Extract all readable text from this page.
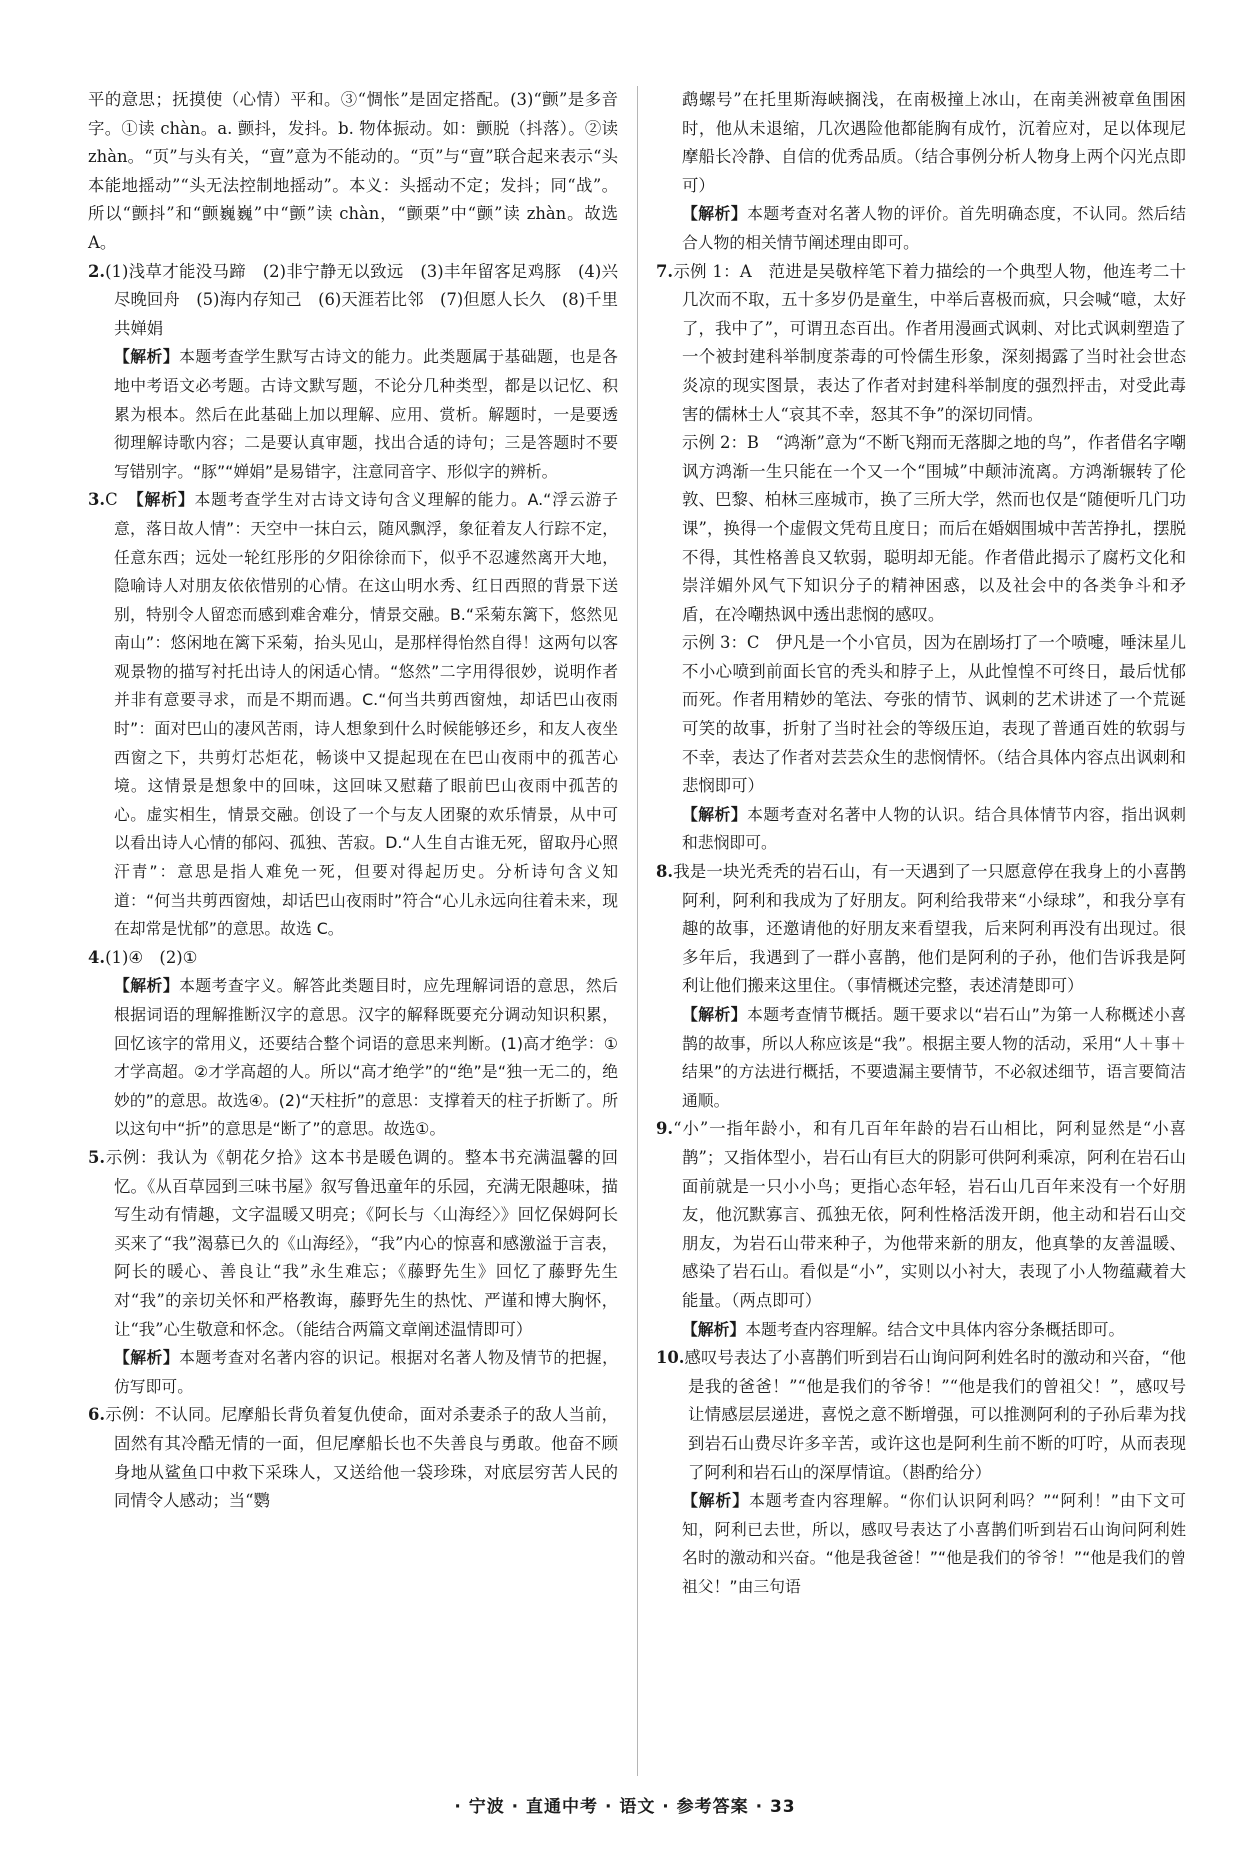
平的意思；抚摸使（心情）平和。③“惆怅”是固定搭配。(3)“颤”是多音字。①读 chàn。a. 颤抖，发抖。b. 物体振动。如：颤脱（抖落）。②读 zhàn。“页”与头有关，“亶”意为不能动的。“页”与“亶”联合起来表示“头本能地摇动”“头无法控制地摇动”。本义：头摇动不定；发抖；同“战”。所以“颤抖”和“颤巍巍”中“颤”读 chàn，“颤栗”中“颤”读 zhàn。故选 A。

2.(1)浅草才能没马蹄　(2)非宁静无以致远　(3)丰年留客足鸡豚　(4)兴尽晚回舟　(5)海内存知己　(6)天涯若比邻　(7)但愿人长久　(8)千里共婵娟

【解析】本题考查学生默写古诗文的能力。此类题属于基础题，也是各地中考语文必考题。古诗文默写题，不论分几种类型，都是以记忆、积累为根本。然后在此基础上加以理解、应用、赏析。解题时，一是要透彻理解诗歌内容；二是要认真审题，找出合适的诗句；三是答题时不要写错别字。“豚”“婵娟”是易错字，注意同音字、形似字的辨析。

3.C　【解析】本题考查学生对古诗文诗句含义理解的能力。A.“浮云游子意，落日故人情”：天空中一抹白云，随风飘浮，象征着友人行踪不定，任意东西；远处一轮红彤彤的夕阳徐徐而下，似乎不忍遽然离开大地，隐喻诗人对朋友依依惜别的心情。在这山明水秀、红日西照的背景下送别，特别令人留恋而感到难舍难分，情景交融。B.“采菊东篱下，悠然见南山”：悠闲地在篱下采菊，抬头见山，是那样得怡然自得！这两句以客观景物的描写衬托出诗人的闲适心情。“悠然”二字用得很妙，说明作者并非有意要寻求，而是不期而遇。C.“何当共剪西窗烛，却话巴山夜雨时”：面对巴山的凄风苦雨，诗人想象到什么时候能够还乡，和友人夜坐西窗之下，共剪灯芯炬花，畅谈中又提起现在在巴山夜雨中的孤苦心境。这情景是想象中的回味，这回味又慰藉了眼前巴山夜雨中孤苦的心。虚实相生，情景交融。创设了一个与友人团聚的欢乐情景，从中可以看出诗人心情的郁闷、孤独、苦寂。D.“人生自古谁无死，留取丹心照汗青”：意思是指人难免一死，但要对得起历史。分析诗句含义知道：“何当共剪西窗烛，却话巴山夜雨时”符合“心儿永远向往着未来，现在却常是忧郁”的意思。故选 C。

4.(1)④　(2)①

【解析】本题考查字义。解答此类题目时，应先理解词语的意思，然后根据词语的理解推断汉字的意思。汉字的解释既要充分调动知识积累，回忆该字的常用义，还要结合整个词语的意思来判断。(1)高才绝学：①才学高超。②才学高超的人。所以“高才绝学”的“绝”是“独一无二的，绝妙的”的意思。故选④。(2)“天柱折”的意思：支撑着天的柱子折断了。所以这句中“折”的意思是“断了”的意思。故选①。

5.示例：我认为《朝花夕拾》这本书是暖色调的。整本书充满温馨的回忆。《从百草园到三味书屋》叙写鲁迅童年的乐园，充满无限趣味，描写生动有情趣，文字温暖又明亮；《阿长与〈山海经〉》回忆保姆阿长买来了“我”渴慕已久的《山海经》，“我”内心的惊喜和感激溢于言表，阿长的暖心、善良让“我”永生难忘；《藤野先生》回忆了藤野先生对“我”的亲切关怀和严格教诲，藤野先生的热忱、严谨和博大胸怀，让“我”心生敬意和怀念。（能结合两篇文章阐述温情即可）

【解析】本题考查对名著内容的识记。根据对名著人物及情节的把握，仿写即可。

6.示例：不认同。尼摩船长背负着复仇使命，面对杀妻杀子的敌人当前，固然有其冷酷无情的一面，但尼摩船长也不失善良与勇敢。他奋不顾身地从鲨鱼口中救下采珠人，又送给他一袋珍珠，对底层穷苦人民的同情令人感动；当“鹦

鹉螺号”在托里斯海峡搁浅，在南极撞上冰山，在南美洲被章鱼围困时，他从未退缩，几次遇险他都能胸有成竹，沉着应对，足以体现尼摩船长冷静、自信的优秀品质。（结合事例分析人物身上两个闪光点即可）

【解析】本题考查对名著人物的评价。首先明确态度，不认同。然后结合人物的相关情节阐述理由即可。

7.示例 1：A　范进是吴敬梓笔下着力描绘的一个典型人物，他连考二十几次而不取，五十多岁仍是童生，中举后喜极而疯，只会喊“噫，太好了，我中了”，可谓丑态百出。作者用漫画式讽刺、对比式讽刺塑造了一个被封建科举制度荼毒的可怜儒生形象，深刻揭露了当时社会世态炎凉的现实图景，表达了作者对封建科举制度的强烈抨击，对受此毒害的儒林士人“哀其不幸，怒其不争”的深切同情。

示例 2：B　“鸿渐”意为“不断飞翔而无落脚之地的鸟”，作者借名字嘲讽方鸿渐一生只能在一个又一个“围城”中颠沛流离。方鸿渐辗转了伦敦、巴黎、柏林三座城市，换了三所大学，然而也仅是“随便听几门功课”，换得一个虚假文凭苟且度日；而后在婚姻围城中苦苦挣扎，摆脱不得，其性格善良又软弱，聪明却无能。作者借此揭示了腐朽文化和崇洋媚外风气下知识分子的精神困惑，以及社会中的各类争斗和矛盾，在冷嘲热讽中透出悲悯的感叹。

示例 3：C　伊凡是一个小官员，因为在剧场打了一个喷嚏，唾沫星儿不小心喷到前面长官的秃头和脖子上，从此惶惶不可终日，最后忧郁而死。作者用精妙的笔法、夸张的情节、讽刺的艺术讲述了一个荒诞可笑的故事，折射了当时社会的等级压迫，表现了普通百姓的软弱与不幸，表达了作者对芸芸众生的悲悯情怀。（结合具体内容点出讽刺和悲悯即可）

【解析】本题考查对名著中人物的认识。结合具体情节内容，指出讽刺和悲悯即可。

8.我是一块光秃秃的岩石山，有一天遇到了一只愿意停在我身上的小喜鹊阿利，阿利和我成为了好朋友。阿利给我带来“小绿球”，和我分享有趣的故事，还邀请他的好朋友来看望我，后来阿利再没有出现过。很多年后，我遇到了一群小喜鹊，他们是阿利的子孙，他们告诉我是阿利让他们搬来这里住。（事情概述完整，表述清楚即可）

【解析】本题考查情节概括。题干要求以“岩石山”为第一人称概述小喜鹊的故事，所以人称应该是“我”。根据主要人物的活动，采用“人＋事＋结果”的方法进行概括，不要遗漏主要情节，不必叙述细节，语言要简洁通顺。

9.“小”一指年龄小，和有几百年年龄的岩石山相比，阿利显然是“小喜鹊”；又指体型小，岩石山有巨大的阴影可供阿利乘凉，阿利在岩石山面前就是一只小小鸟；更指心态年轻，岩石山几百年来没有一个好朋友，他沉默寡言、孤独无依，阿利性格活泼开朗，他主动和岩石山交朋友，为岩石山带来种子，为他带来新的朋友，他真挚的友善温暖、感染了岩石山。看似是“小”，实则以小衬大，表现了小人物蕴藏着大能量。（两点即可）

【解析】本题考查内容理解。结合文中具体内容分条概括即可。

10.感叹号表达了小喜鹊们听到岩石山询问阿利姓名时的激动和兴奋，“他是我的爸爸！”“他是我们的爷爷！”“他是我们的曾祖父！”，感叹号让情感层层递进，喜悦之意不断增强，可以推测阿利的子孙后辈为找到岩石山费尽许多辛苦，或许这也是阿利生前不断的叮咛，从而表现了阿利和岩石山的深厚情谊。（斟酌给分）

【解析】本题考查内容理解。“你们认识阿利吗？”“阿利！”由下文可知，阿利已去世，所以，感叹号表达了小喜鹊们听到岩石山询问阿利姓名时的激动和兴奋。“他是我爸爸！”“他是我们的爷爷！”“他是我们的曾祖父！”由三句语

· 宁波 · 直通中考 · 语文 · 参考答案 · 33
